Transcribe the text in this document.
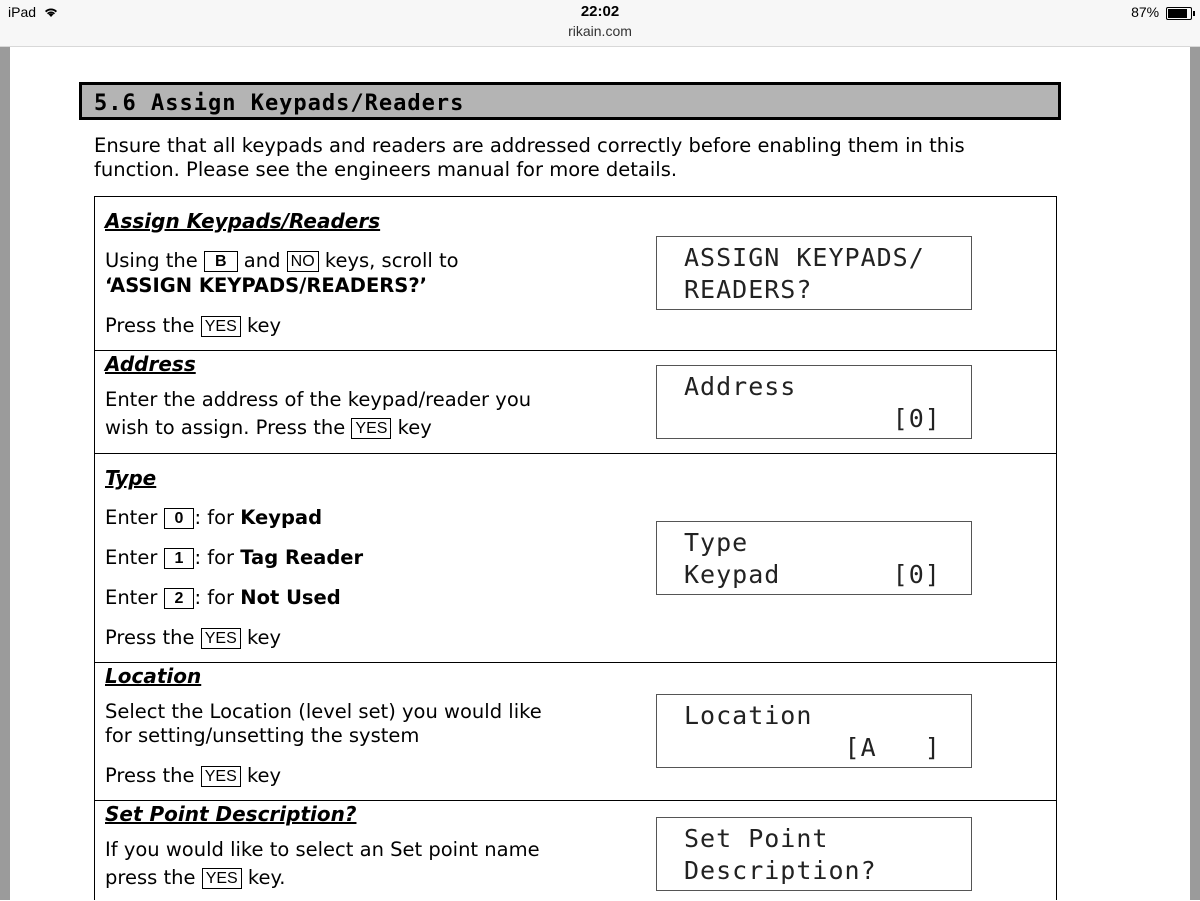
iPad	22:02
rikain.com
87%
5.6 Assign Keypads/Readers
Ensure that all keypads and readers are addressed correctly before enabling them in this
function. Please see the engineers manual for more details.
Assign Keypads/Readers
Using the B and NO keys, scroll to
‘ASSIGN KEYPADS/READERS?’
Press the YES key
ASSIGN KEYPADS/
READERS?
Address
Enter the address of the keypad/reader you
wish to assign. Press the YES key
Address
[0]
Type
Enter 0 : for Keypad
Enter 1 : for Tag Reader
Enter 2 : for Not Used
Press the YES key
Type
Keypad       [0]
Location
Select the Location (level set) you would like
for setting/unsetting the system
Press the YES key
Location
[A   ]
Set Point Description?
If you would like to select an Set point name
press the YES key.
Set Point
Description?
